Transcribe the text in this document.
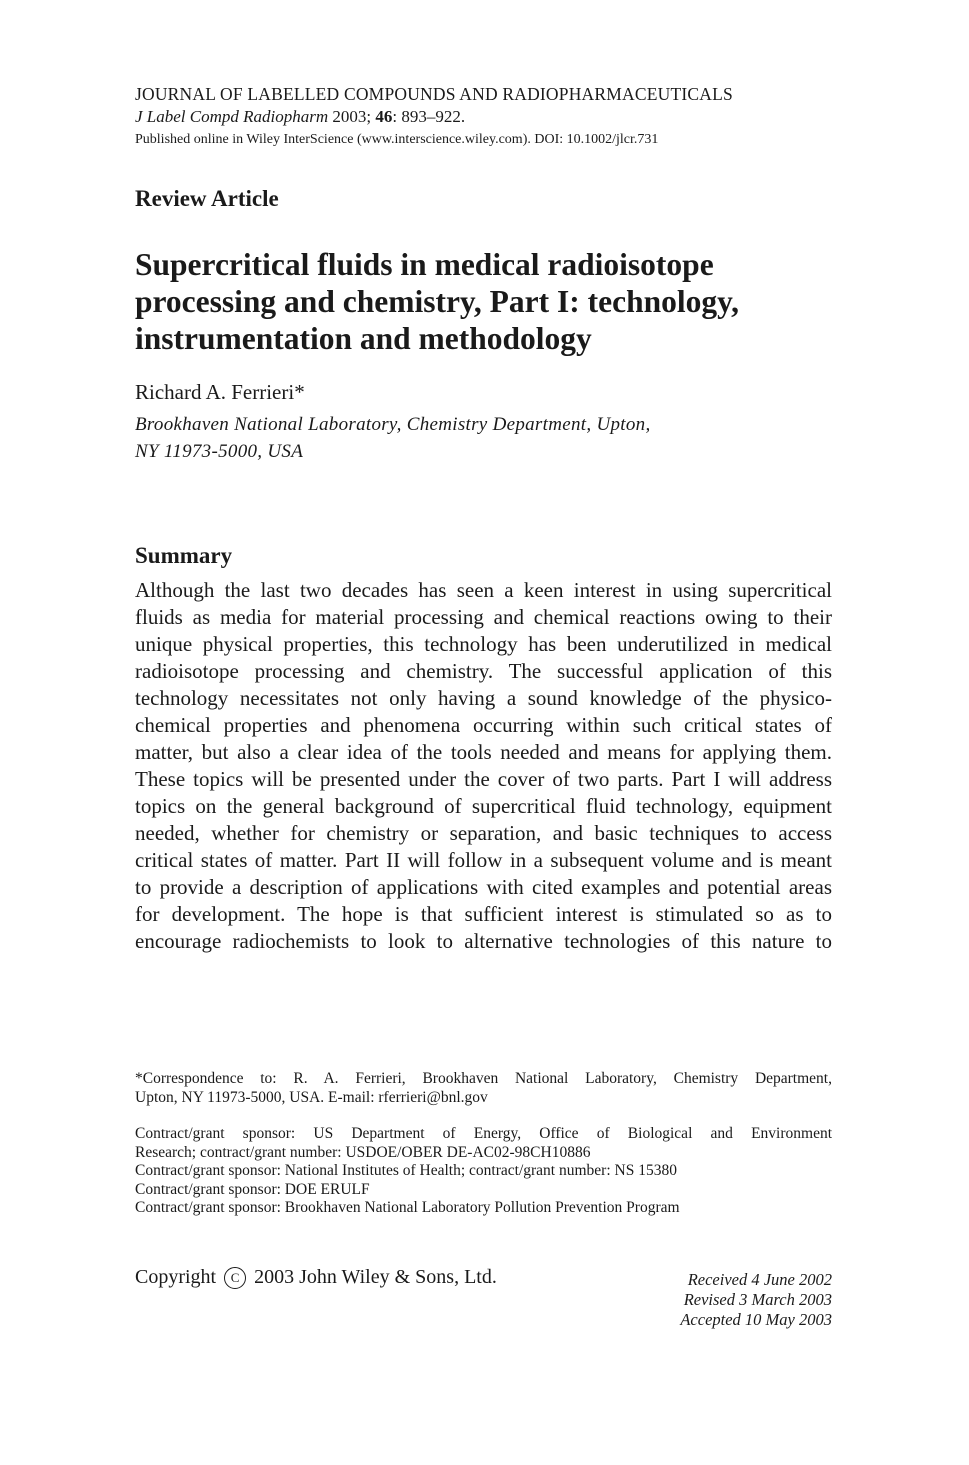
JOURNAL OF LABELLED COMPOUNDS AND RADIOPHARMACEUTICALS
J Label Compd Radiopharm 2003; 46: 893–922.
Published online in Wiley InterScience (www.interscience.wiley.com). DOI: 10.1002/jlcr.731
Review Article
Supercritical fluids in medical radioisotope
processing and chemistry, Part I: technology,
instrumentation and methodology
Richard A. Ferrieri*
Brookhaven National Laboratory, Chemistry Department, Upton,
NY 11973-5000, USA
Summary
Although the last two decades has seen a keen interest in using supercritical
fluids as media for material processing and chemical reactions owing to their
unique physical properties, this technology has been underutilized in medical
radioisotope processing and chemistry. The successful application of this
technology necessitates not only having a sound knowledge of the physico-
chemical properties and phenomena occurring within such critical states of
matter, but also a clear idea of the tools needed and means for applying them.
These topics will be presented under the cover of two parts. Part I will address
topics on the general background of supercritical fluid technology, equipment
needed, whether for chemistry or separation, and basic techniques to access
critical states of matter. Part II will follow in a subsequent volume and is meant
to provide a description of applications with cited examples and potential areas
for development. The hope is that sufficient interest is stimulated so as to
encourage radiochemists to look to alternative technologies of this nature to
*Correspondence to: R. A. Ferrieri, Brookhaven National Laboratory, Chemistry Department,
Upton, NY 11973-5000, USA. E-mail: rferrieri@bnl.gov
Contract/grant sponsor: US Department of Energy, Office of Biological and Environment
Research; contract/grant number: USDOE/OBER DE-AC02-98CH10886
Contract/grant sponsor: National Institutes of Health; contract/grant number: NS 15380
Contract/grant sponsor: DOE ERULF
Contract/grant sponsor: Brookhaven National Laboratory Pollution Prevention Program
Copyright C 2003 John Wiley & Sons, Ltd.	Received 4 June 2002
Revised 3 March 2003
Accepted 10 May 2003
